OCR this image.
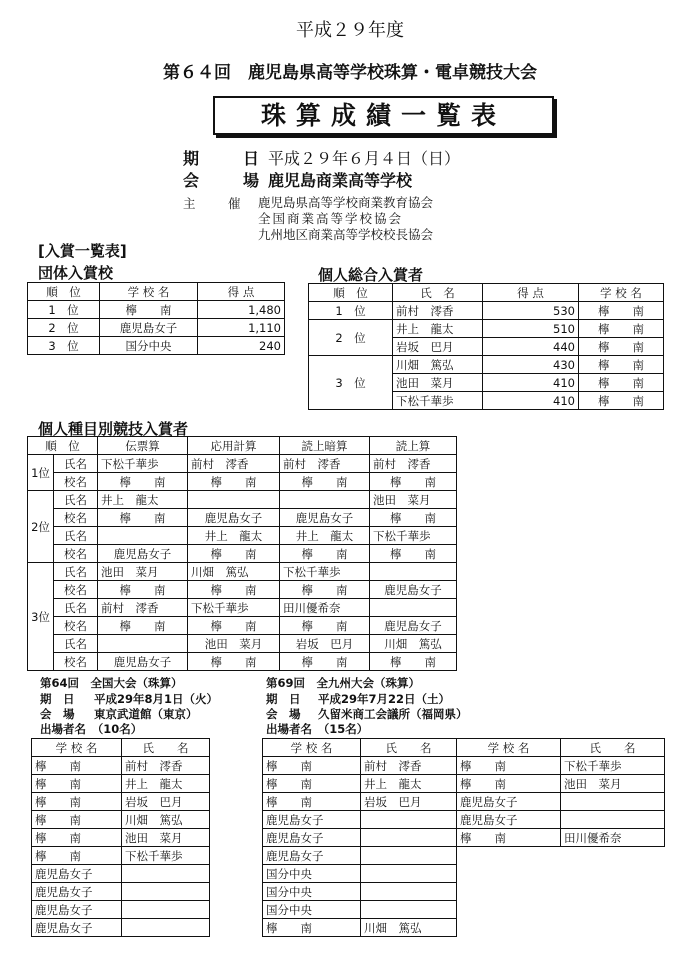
平成２９年度
第６４回　鹿児島県高等学校珠算・電卓競技大会
珠算成績一覧表
期　日
平成２９年６月４日（日）
会　場
鹿児島商業高等学校
主　催 鹿児島県高等学校商業教育協会
全国商業高等学校協会
九州地区商業高等学校校長協会
[入賞一覧表]
団体入賞校
順　位	学 校 名	得 点
1　位	檸　　南	1,480
2　位	鹿児島女子	1,110
3　位	国分中央	240
個人総合入賞者
順　位	氏　名	得 点	学 校 名
1　位	前村　澪香	530	檸　　南
2　位	井上　龍太	510	檸　　南
	岩坂　巴月	440	檸　　南
3　位	川畑　篤弘	430	檸　　南
	池田　菜月	410	檸　　南
	下松千華歩	410	檸　　南
個人種目別競技入賞者
順　位		伝票算	応用計算	読上暗算	読上算
1位	氏名	下松千華歩	前村　澪香	前村　澪香	前村　澪香
	校名	檸　　南	檸　　南	檸　　南	檸　　南
2位	氏名	井上　龍太			池田　菜月
	校名	檸　　南	鹿児島女子	鹿児島女子	檸　　南
	氏名		井上　龍太	井上　龍太	下松千華歩
	校名	鹿児島女子	檸　　南	檸　　南	檸　　南
3位	氏名	池田　菜月	川畑　篤弘	下松千華歩	
	校名	檸　　南	檸　　南	檸　　南	鹿児島女子
	氏名	前村　澪香	下松千華歩	田川優希奈	
	校名	檸　　南	檸　　南	檸　　南	鹿児島女子
	氏名		池田　菜月	岩坂　巴月	川畑　篤弘
	校名	鹿児島女子	檸　　南	檸　　南	檸　　南
第64回　全国大会（珠算）
期　日 平成29年8月1日（火）
会　場 東京武道館（東京）
出場者名　（10名）
学 校 名	氏　　名
檸　　南	前村　澪香
檸　　南	井上　龍太
檸　　南	岩坂　巴月
檸　　南	川畑　篤弘
檸　　南	池田　菜月
檸　　南	下松千華歩
鹿児島女子	
鹿児島女子	
鹿児島女子	
鹿児島女子	
第69回　全九州大会（珠算）
期　日 平成29年7月22日（土）
会　場 久留米商工会議所（福岡県）
出場者名　（15名）
学 校 名	氏　　名
檸　　南	前村　澪香
檸　　南	井上　龍太
檸　　南	岩坂　巴月
鹿児島女子	
鹿児島女子	
鹿児島女子	
国分中央	
国分中央	
国分中央	
檸　　南	川畑　篤弘
学 校 名	氏　　名
檸　　南	下松千華歩
檸　　南	池田　菜月
鹿児島女子	
鹿児島女子	
檸　　南	田川優希奈
